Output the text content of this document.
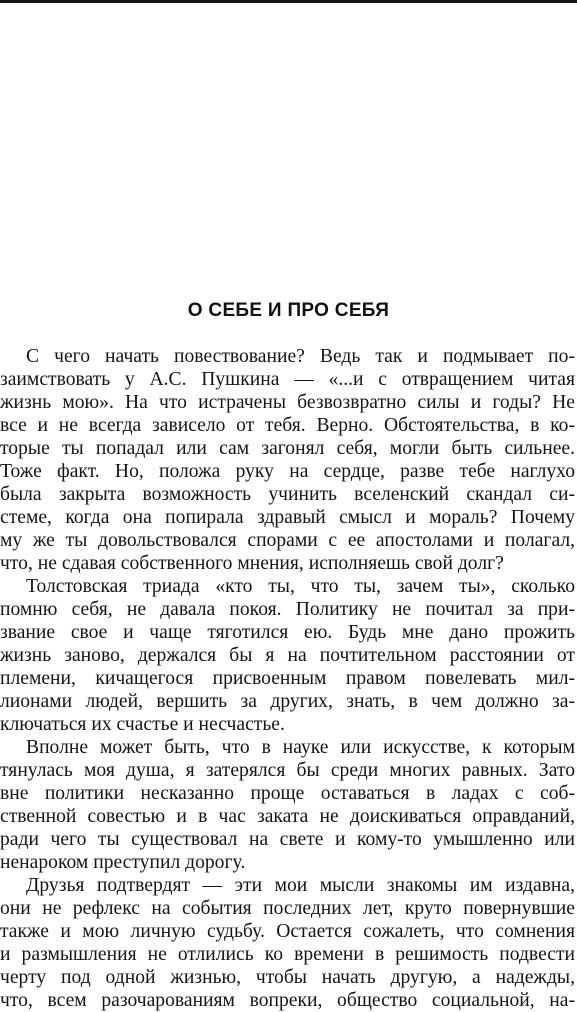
О СЕБЕ И ПРО СЕБЯ
С чего начать повествование? Ведь так и подмывает по-
заимствовать у А.С. Пушкина — «...и с отвращением читая
жизнь мою». На что истрачены безвозвратно силы и годы? Не
все и не всегда зависело от тебя. Верно. Обстоятельства, в ко-
торые ты попадал или сам загонял себя, могли быть сильнее.
Тоже факт. Но, положа руку на сердце, разве тебе наглухо
была закрыта возможность учинить вселенский скандал си-
стеме, когда она попирала здравый смысл и мораль? Почему
му же ты довольствовался спорами с ее апостолами и полагал,
что, не сдавая собственного мнения, исполняешь свой долг?
Толстовская триада «кто ты, что ты, зачем ты», сколько
помню себя, не давала покоя. Политику не почитал за при-
звание свое и чаще тяготился ею. Будь мне дано прожить
жизнь заново, держался бы я на почтительном расстоянии от
племени, кичащегося присвоенным правом повелевать мил-
лионами людей, вершить за других, знать, в чем должно за-
ключаться их счастье и несчастье.
Вполне может быть, что в науке или искусстве, к которым
тянулась моя душа, я затерялся бы среди многих равных. Зато
вне политики несказанно проще оставаться в ладах с соб-
ственной совестью и в час заката не доискиваться оправданий,
ради чего ты существовал на свете и кому-то умышленно или
ненароком преступил дорогу.
Друзья подтвердят — эти мои мысли знакомы им издавна,
они не рефлекс на события последних лет, круто повернувшие
также и мою личную судьбу. Остается сожалеть, что сомнения
и размышления не отлились ко времени в решимость подвести
черту под одной жизнью, чтобы начать другую, а надежды,
что, всем разочарованиям вопреки, общество социальной, на-
